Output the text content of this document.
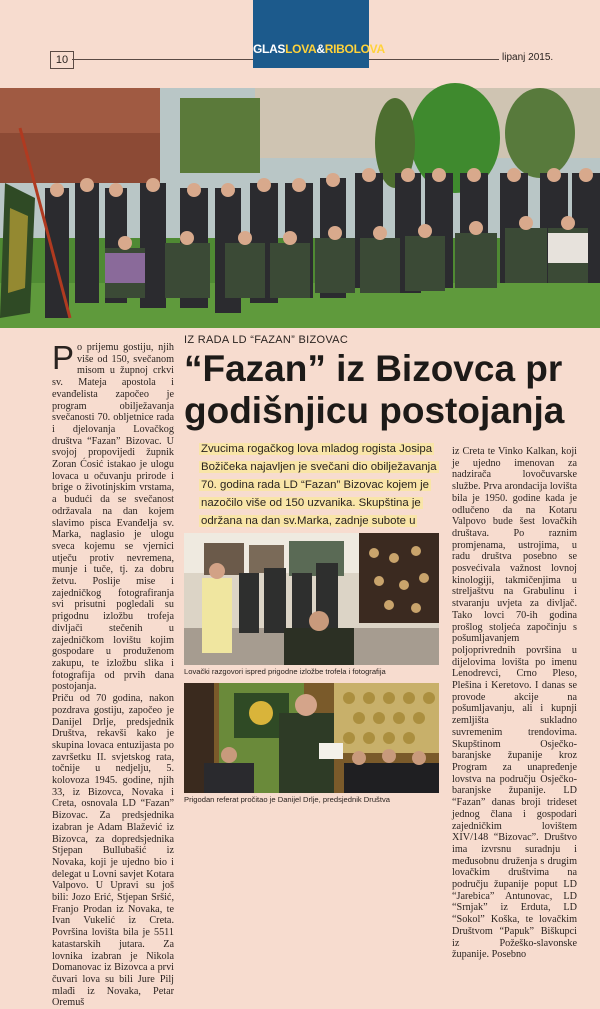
GLASLOVA&RIBOLOVA
10	lipanj 2015.
IZ RADA LD “FAZAN” BIZOVAC
“Fazan” iz Bizovca pr
godišnjicu postojanja

Po prijemu gostiju, njih više od 150, svečanom misom u župnoj crkvi sv. Mateja apostola i evanđelista započeo je program obilježavanja svečanosti 70. obljetnice rada i djelovanja Lovačkog društva “Fazan” Bizovac. U svojoj propovijedi župnik Zoran Ćosić istakao je ulogu lovaca u očuvanju prirode i brige o životinjskim vrstama, a budući da se svečanost održavala na dan kojem slavimo pisca Evanđelja sv. Marka, naglasio je ulogu sveca kojemu se vjernici utječu protiv nevremena, munje i tuče, tj. za dobru žetvu. Poslije mise i zajedničkog fotografiranja svi prisutni pogledali su prigodnu izložbu trofeja divljači stečenih u zajedničkom lovištu kojim gospodare u produženom zakupu, te izložbu slika i fotografija od prvih dana postojanja.

Priču od 70 godina, nakon pozdrava gostiju, započeo je Danijel Drlje, predsjednik Društva, rekavši kako je skupina lovaca entuzijasta po završetku II. svjetskog rata, točnije u nedjelju, 5. kolovoza 1945. godine, njih 33, iz Bizovca, Novaka i Creta, osnovala LD “Fazan” Bizovac. Za predsjednika izabran je Adam Blažević iz Bizovca, za dopredsjednika Stjepan Bullubašić iz Novaka, koji je ujedno bio i delegat u Lovni savjet Kotara Valpovo. U Upravi su još bili: Jozo Erić, Stjepan Sršić, Franjo Prodan iz Novaka, te Ivan Vukelić iz Creta. Površina lovišta bila je 5511 katastarskih jutara. Za lovnika izabran je Nikola Domanovac iz Bizovca a prvi čuvari lova su bili Jure Pilj mlađi iz Novaka, Petar Oremuš

Zvucima rogačkog lova mladog rogista Josipa Božičeka najavljen je svečani dio obilježavanja 70. godina rada LD “Fazan” Bizovac kojem je nazočilo više od 150 uzvanika. Skupština je održana na dan sv.Marka, zadnje subote u

iz Creta te Vinko Kalkan, koji je ujedno imenovan za nadzirača lovočuvarske službe. Prva arondacija lovišta bila je 1950. godine kada je odlučeno da na Kotaru Valpovo bude šest lovačkih društava. Po raznim promjenama, ustrojima, u radu društva posebno se posvećivala važnost lovnoj kinologiji, takmičenjima u streljaštvu na Grabulinu i stvaranju uvjeta za divljač. Tako lovci 70-ih godina prošlog stoljeća započinju s pošumljavanjem poljoprivrednih površina u dijelovima lovišta po imenu Lenodrevci, Crno Pleso, Plešina i Keretovo. I danas se provode akcije na pošumljavanju, ali i kupnji zemljišta sukladno suvremenim trendovima. Skupštinom Osječko-baranjske županije kroz Program za unapređenje lovstva na području Osječko-baranjske županije. LD “Fazan” danas broji trideset jednog člana i gospodari zajedničkim lovištem XIV/148 “Bizovac”. Društvo ima izvrsnu suradnju i međusobnu druženja s drugim lovačkim društvima na području županije poput LD “Jarebica” Antunovac, LD “Srnjak” iz Erduta, LD “Sokol” Koška, te lovačkim Društvom “Papuk” Biškupci iz Požeško-slavonske županije. Posebno

Lovački razgovori ispred prigodne izložbe trofela i fotografija
Prigodan referat pročitao je Danijel Drlje, predsjednik Društva
